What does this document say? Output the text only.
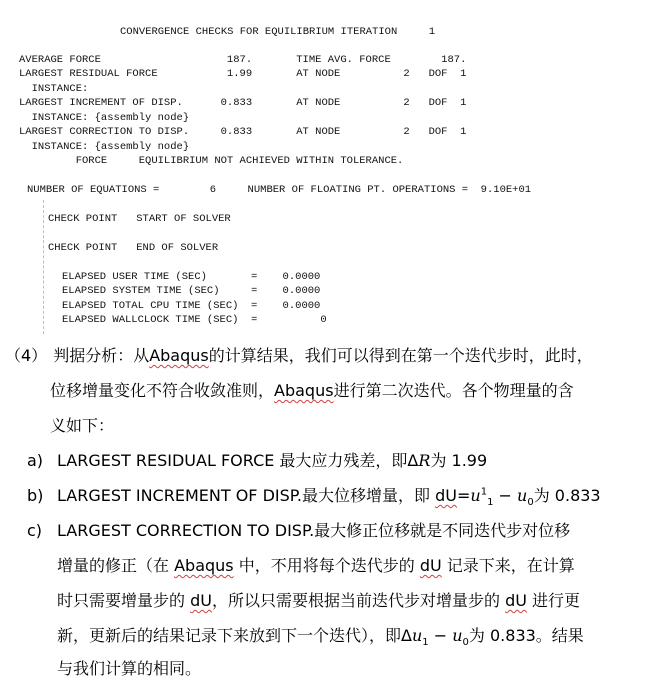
CONVERGENCE CHECKS FOR EQUILIBRIUM ITERATION     1
AVERAGE FORCE                    187.       TIME AVG. FORCE        187.
LARGEST RESIDUAL FORCE           1.99       AT NODE          2   DOF  1
INSTANCE:
LARGEST INCREMENT OF DISP.      0.833       AT NODE          2   DOF  1
INSTANCE: {assembly node}
LARGEST CORRECTION TO DISP.     0.833       AT NODE          2   DOF  1
INSTANCE: {assembly node}
FORCE     EQUILIBRIUM NOT ACHIEVED WITHIN TOLERANCE.
NUMBER OF EQUATIONS =        6     NUMBER OF FLOATING PT. OPERATIONS =  9.10E+01
CHECK POINT   START OF SOLVER
CHECK POINT   END OF SOLVER
ELAPSED USER TIME (SEC)       =    0.0000
ELAPSED SYSTEM TIME (SEC)     =    0.0000
ELAPSED TOTAL CPU TIME (SEC)  =    0.0000
ELAPSED WALLCLOCK TIME (SEC)  =          0
（4） 判据分析：从Abaqus的计算结果，我们可以得到在第一个迭代步时，此时，
位移增量变化不符合收敛准则，Abaqus进行第二次迭代。各个物理量的含
义如下：
a) LARGEST RESIDUAL FORCE 最大应力残差，即ΔR为 1.99
b) LARGEST INCREMENT OF DISP.最大位移增量，即 $dU=u^1_1 - u_0$为 0.833
c) LARGEST CORRECTION TO DISP.最大修正位移就是不同迭代步对位移
增量的修正（在 Abaqus 中，不用将每个迭代步的 dU 记录下来，在计算
时只需要增量步的 dU，所以只需要根据当前迭代步对增量步的 dU 进行更
新，更新后的结果记录下来放到下一个迭代），即$\Delta u_1 - u_0$为 0.833。结果
与我们计算的相同。
